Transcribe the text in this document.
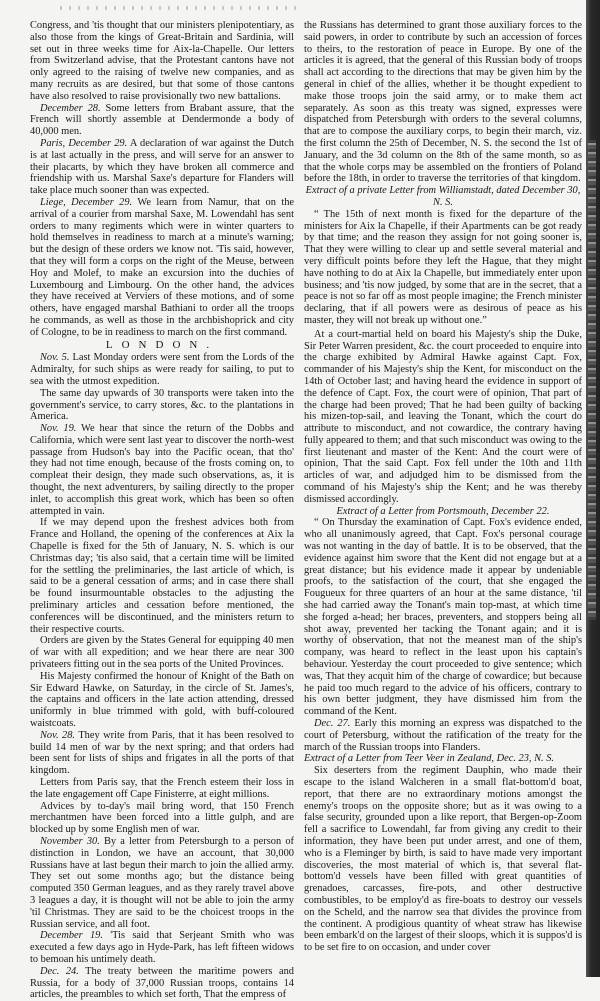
Congress, and 'tis thought that our ministers plenipotentiary, as also those from the kings of Great-Britain and Sardinia, will set out in three weeks time for Aix-la-Chapelle. Our letters from Switzerland advise, that the Protestant cantons have not only agreed to the raising of twelve new companies, and as many recruits as are desired, but that some of those cantons have also resolved to raise provisionally two new battalions.

December 28. Some letters from Brabant assure, that the French will shortly assemble at Dendermonde a body of 40,000 men.

Paris, December 29. A declaration of war against the Dutch is at last actually in the press, and will serve for an answer to their placarts, by which they have broken all commerce and friendship with us. Marshal Saxe's departure for Flanders will take place much sooner than was expected.

Liege, December 29. We learn from Namur, that on the arrival of a courier from marshal Saxe, M. Lowendahl has sent orders to many regiments which were in winter quarters to hold themselves in readiness to march at a minute's warning; but the design of these orders we know not. 'Tis said, however, that they will form a corps on the right of the Meuse, between Hoy and Molef, to make an excursion into the duchies of Luxembourg and Limbourg. On the other hand, the advices they have received at Verviers of these motions, and of some others, have engaged marshal Bathiani to order all the troops he commands, as well as those in the archbishoprick and city of Cologne, to be in readiness to march on the first command.

LONDON.

Nov. 5. Last Monday orders were sent from the Lords of the Admiralty, for such ships as were ready for sailing, to put to sea with the utmost expedition.

The same day upwards of 30 transports were taken into the government's service, to carry stores, &c. to the plantations in America.

Nov. 19. We hear that since the return of the Dobbs and California, which were sent last year to discover the north-west passage from Hudson's bay into the Pacific ocean, that tho' they had not time enough, because of the frosts coming on, to compleat their design, they made such observations, as, it is thought, the next adventurers, by sailing directly to the proper inlet, to accomplish this great work, which has been so often attempted in vain.

If we may depend upon the freshest advices both from France and Holland, the opening of the conferences at Aix la Chapelle is fixed for the 5th of January, N. S. which is our Christmas day; 'tis also said, that a certain time will be limited for the settling the preliminaries, the last article of which, is said to be a general cessation of arms; and in case there shall be found insurmountable obstacles to the adjusting the preliminary articles and cessation before mentioned, the conferences will be discontinued, and the ministers return to their respective courts.

Orders are given by the States General for equipping 40 men of war with all expedition; and we hear there are near 300 privateers fitting out in the sea ports of the United Provinces.

His Majesty confirmed the honour of Knight of the Bath on Sir Edward Hawke, on Saturday, in the circle of St. James's, the captains and officers in the late action attending, dressed uniformly in blue trimmed with gold, with buff-coloured waistcoats.

Nov. 28. They write from Paris, that it has been resolved to build 14 men of war by the next spring; and that orders had been sent for lists of ships and frigates in all the ports of that kingdom.

Letters from Paris say, that the French esteem their loss in the late engagement off Cape Finisterre, at eight millions.

Advices by to-day's mail bring word, that 150 French merchantmen have been forced into a little gulph, and are blocked up by some English men of war.

November 30. By a letter from Petersburgh to a person of distinction in London, we have an account, that 30,000 Russians have at last begun their march to join the allied army. They set out some months ago; but the distance being computed 350 German leagues, and as they rarely travel above 3 leagues a day, it is thought will not be able to join the army 'til Christmas. They are said to be the choicest troops in the Russian service, and all foot.

December 19. 'Tis said that Serjeant Smith who was executed a few days ago in Hyde-Park, has left fifteen widows to bemoan his untimely death.

Dec. 24. The treaty between the maritime powers and Russia, for a body of 37,000 Russian troops, contains 14 articles, the preambles to which set forth, That the empress of

the Russians has determined to grant those auxiliary forces to the said powers, in order to contribute by such an accession of forces to theirs, to the restoration of peace in Europe. By one of the articles it is agreed, that the general of this Russian body of troops shall act according to the directions that may be given him by the general in chief of the allies, whether it be thought expedient to make those troops join the said army, or to make them act separately. As soon as this treaty was signed, expresses were dispatched from Petersburgh with orders to the several columns, that are to compose the auxiliary corps, to begin their march, viz. the first column the 25th of December, N. S. the second the 1st of January, and the 3d column on the 8th of the same month, so as that the whole corps may be assembled on the frontiers of Poland before the 18th, in order to traverse the territories of that kingdom.

Extract of a private Letter from Williamstadt, dated December 30, N. S.

“ The 15th of next month is fixed for the departure of the ministers for Aix la Chapelle, if their Apartments can be got ready by that time; and the reason they assign for not going sooner is, That they were willing to clear up and settle several material and very difficult points before they left the Hague, that they might have nothing to do at Aix la Chapelle, but immediately enter upon business; and 'tis now judged, by some that are in the secret, that a peace is not so far off as most people imagine; the French minister declaring, that if all powers were as desirous of peace as his master, they will not break up without one.”

At a court-martial held on board his Majesty's ship the Duke, Sir Peter Warren president, &c. the court proceeded to enquire into the charge exhibited by Admiral Hawke against Capt. Fox, commander of his Majesty's ship the Kent, for misconduct on the 14th of October last; and having heard the evidence in support of the defence of Capt. Fox, the court were of opinion, That part of the charge had been proved; That he had been guilty of backing his mizen-top-sail, and leaving the Tonant, which the court do attribute to misconduct, and not cowardice, the contrary having fully appeared to them; and that such misconduct was owing to the first lieutenant and master of the Kent: And the court were of opinion, That the said Capt. Fox fell under the 10th and 11th articles of war, and adjudged him to be dismissed from the command of his Majesty's ship the Kent; and he was thereby dismissed accordingly.

Extract of a Letter from Portsmouth, December 22.

“ On Thursday the examination of Capt. Fox's evidence ended, who all unanimously agreed, that Capt. Fox's personal courage was not wanting in the day of battle. It is to be observed, that the evidence against him swore that the Kent did not engage but at a great distance; but his evidence made it appear by undeniable proofs, to the satisfaction of the court, that she engaged the Fougueux for three quarters of an hour at the same distance, 'til she had carried away the Tonant's main top-mast, at which time she forged a-head; her braces, preventers, and stoppers being all shot away, prevented her tacking the Tonant again; and it is worthy of observation, that not the meanest man of the ship's company, was heard to reflect in the least upon his captain's behaviour. Yesterday the court proceeded to give sentence; which was, That they acquit him of the charge of cowardice; but because he paid too much regard to the advice of his officers, contrary to his own better judgment, they have dismissed him from the command of the Kent.

Dec. 27. Early this morning an express was dispatched to the court of Petersburg, without the ratification of the treaty for the march of the Russian troops into Flanders.

Extract of a Letter from Teer Veer in Zealand, Dec. 23, N. S.

Six deserters from the regiment Dauphin, who made their escape to the island Walcheren in a small flat-bottom'd boat, report, that there are no extraordinary motions amongst the enemy's troops on the opposite shore; but as it was owing to a false security, grounded upon a like report, that Bergen-op-Zoom fell a sacrifice to Lowendahl, far from giving any credit to their information, they have been put under arrest, and one of them, who is a Fleminger by birth, is said to have made very important discoveries, the most material of which is, that several flat-bottom'd vessels have been filled with great quantities of grenadoes, carcasses, fire-pots, and other destructive combustibles, to be employ'd as fire-boats to destroy our vessels on the Scheld, and the narrow sea that divides the province from the continent. A prodigious quantity of wheat straw has likewise been embark'd on the largest of their sloops, which it is suppos'd is to be set fire to on occasion, and under cover
